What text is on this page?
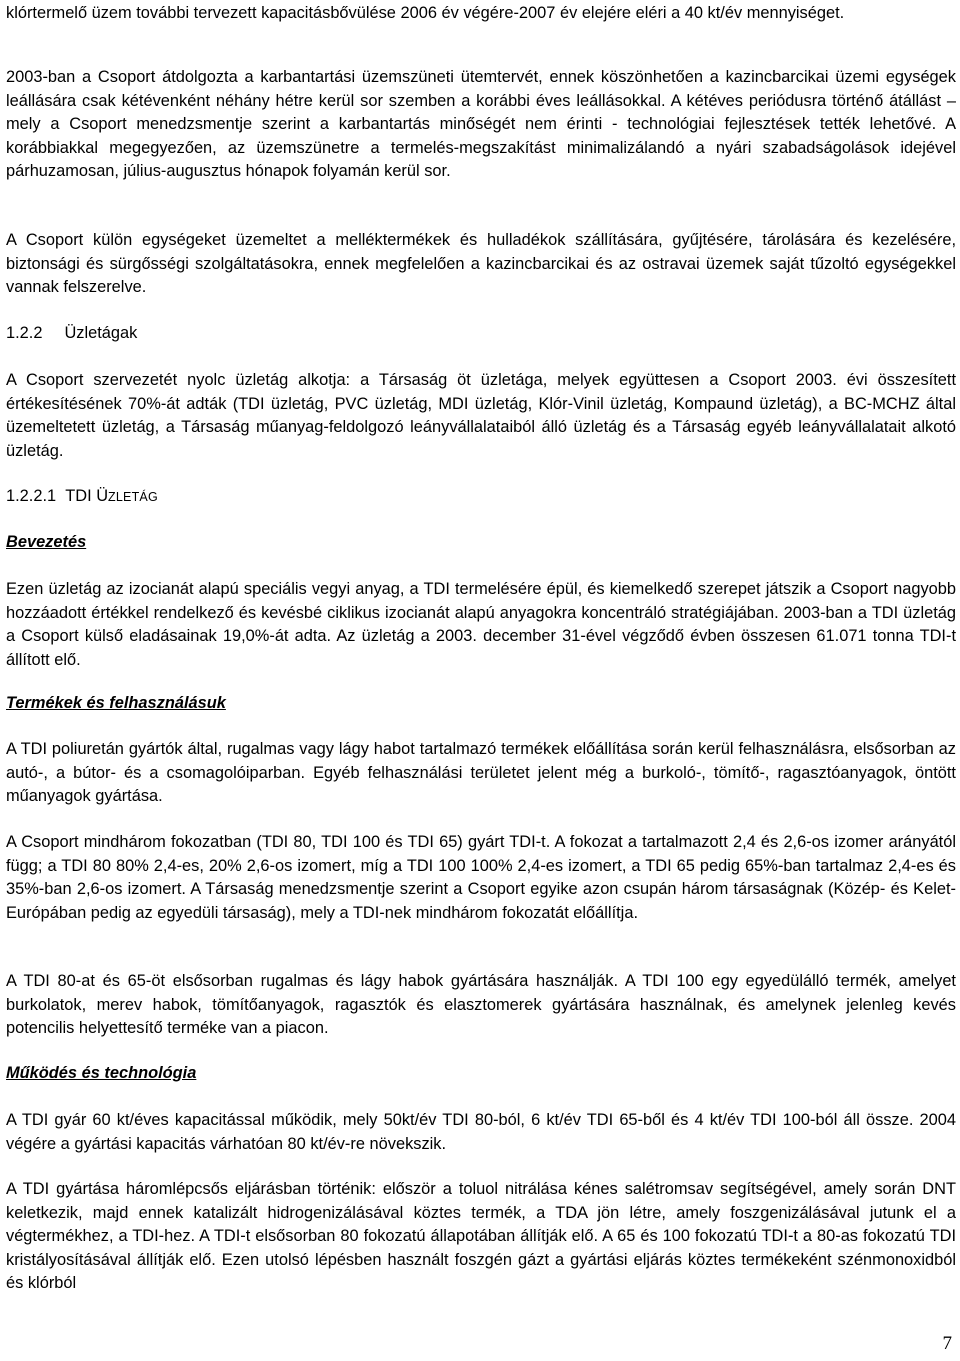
klórtermelő üzem további tervezett kapacitásbővülése 2006 év végére-2007 év elejére eléri a 40 kt/év mennyiséget.

2003-ban a Csoport átdolgozta a karbantartási üzemszüneti ütemtervét, ennek köszönhetően a kazincbarcikai üzemi egységek leállására csak kétévenként néhány hétre kerül sor szemben a korábbi éves leállásokkal. A kétéves periódusra történő átállást – mely a Csoport menedzsmentje szerint a karbantartás minőségét nem érinti - technológiai fejlesztések tették lehetővé. A korábbiakkal megegyezően, az üzemszünetre a termelés-megszakítást minimalizálandó a nyári szabadságolások idejével párhuzamosan, július-augusztus hónapok folyamán kerül sor.

A Csoport külön egységeket üzemeltet a melléktermékek és hulladékok szállítására, gyűjtésére, tárolására és kezelésére, biztonsági és sürgősségi szolgáltatásokra, ennek megfelelően a kazincbarcikai és az ostravai üzemek saját tűzoltó egységekkel vannak felszerelve.

1.2.2 Üzletágak

A Csoport szervezetét nyolc üzletág alkotja: a Társaság öt üzletága, melyek együttesen a Csoport 2003. évi összesített értékesítésének 70%-át adták (TDI üzletág, PVC üzletág, MDI üzletág, Klór-Vinil üzletág, Kompaund üzletág), a BC-MCHZ által üzemeltetett üzletág, a Társaság műanyag-feldolgozó leányvállalataiból álló üzletág és a Társaság egyéb leányvállalatait alkotó üzletág.

1.2.2.1 TDI ÜZLETÁG
Bevezetés

Ezen üzletág az izocianát alapú speciális vegyi anyag, a TDI termelésére épül, és kiemelkedő szerepet játszik a Csoport nagyobb hozzáadott értékkel rendelkező és kevésbé ciklikus izocianát alapú anyagokra koncentráló stratégiájában. 2003-ban a TDI üzletág a Csoport külső eladásainak 19,0%-át adta. Az üzletág a 2003. december 31-ével végződő évben összesen 61.071 tonna TDI-t állított elő.

Termékek és felhasználásuk

A TDI poliuretán gyártók által, rugalmas vagy lágy habot tartalmazó termékek előállítása során kerül felhasználásra, elsősorban az autó-, a bútor- és a csomagolóiparban. Egyéb felhasználási területet jelent még a burkoló-, tömítő-, ragasztóanyagok, öntött műanyagok gyártása.

A Csoport mindhárom fokozatban (TDI 80, TDI 100 és TDI 65) gyárt TDI-t. A fokozat a tartalmazott 2,4 és 2,6-os izomer arányától függ; a TDI 80 80% 2,4-es, 20% 2,6-os izomert, míg a TDI 100 100% 2,4-es izomert, a TDI 65 pedig 65%-ban tartalmaz 2,4-es és 35%-ban 2,6-os izomert. A Társaság menedzsmentje szerint a Csoport egyike azon csupán három társaságnak (Közép- és Kelet-Európában pedig az egyedüli társaság), mely a TDI-nek mindhárom fokozatát előállítja.

A TDI 80-at és 65-öt elsősorban rugalmas és lágy habok gyártására használják. A TDI 100 egy egyedülálló termék, amelyet burkolatok, merev habok, tömítőanyagok, ragasztók és elasztomerek gyártására használnak, és amelynek jelenleg kevés potencilis helyettesítő terméke van a piacon.

Működés és technológia

A TDI gyár 60 kt/éves kapacitással működik, mely 50kt/év TDI 80-ból, 6 kt/év TDI 65-ből és 4 kt/év TDI 100-ból áll össze. 2004 végére a gyártási kapacitás várhatóan 80 kt/év-re növekszik.

A TDI gyártása háromlépcsős eljárásban történik: először a toluol nitrálása kénes salétromsav segítségével, amely során DNT keletkezik, majd ennek katalizált hidrogenizálásával köztes termék, a TDA jön létre, amely foszgenizálásával jutunk el a végtermékhez, a TDI-hez. A TDI-t elsősorban 80 fokozatú állapotában állítják elő. A 65 és 100 fokozatú TDI-t a 80-as fokozatú TDI kristályosításával állítják elő. Ezen utolsó lépésben használt foszgén gázt a gyártási eljárás köztes termékeként szénmonoxidból és klórból

7
